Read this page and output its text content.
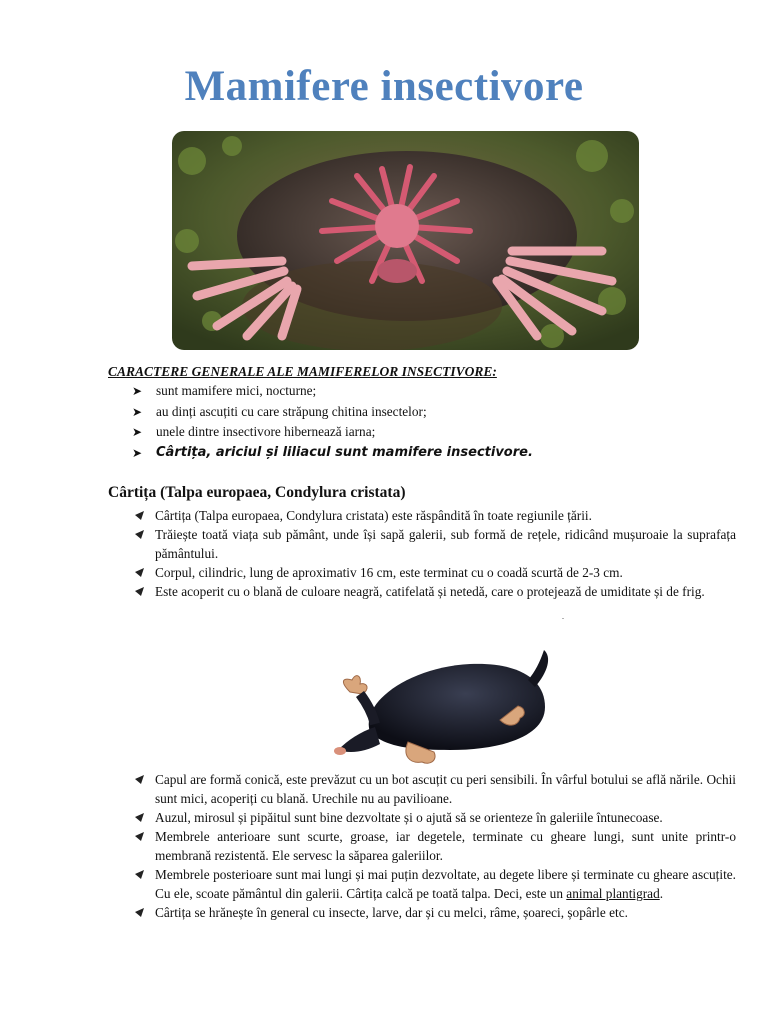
Mamifere insectivore
CARACTERE GENERALE ALE MAMIFERELOR INSECTIVORE:
➤ sunt mamifere mici, nocturne;
➤ au dinți ascuțiti cu care străpung chitina insectelor;
➤ unele dintre insectivore hibernează iarna;
➤ Cârtița, ariciul și liliacul sunt mamifere insectivore.
Cârtița (Talpa europaea, Condylura cristata)
Cârtița (Talpa europaea, Condylura cristata) este răspândită în toate regiunile țării.
Trăiește toată viața sub pământ, unde își sapă galerii, sub formă de rețele, ridicând mușuroaie la suprafața pământului.
Corpul, cilindric, lung de aproximativ 16 cm, este terminat cu o coadă scurtă de 2-3 cm.
Este acoperit cu o blană de culoare neagră, catifelată și netedă, care o protejează de umiditate și de frig.
.
Capul are formă conică, este prevăzut cu un bot ascuțit cu peri sensibili. În vârful botului se află nările. Ochii sunt mici, acoperiți cu blană. Urechile nu au pavilioane.
Auzul, mirosul și pipăitul sunt bine dezvoltate și o ajută să se orienteze în galeriile întunecoase.
Membrele anterioare sunt scurte, groase, iar degetele, terminate cu gheare lungi, sunt unite printr-o membrană rezistentă. Ele servesc la săparea galeriilor.
Membrele posterioare sunt mai lungi și mai puțin dezvoltate, au degete libere și terminate cu gheare ascuțite. Cu ele, scoate pământul din galerii. Cârtița calcă pe toată talpa. Deci, este un animal plantigrad.
Cârtița se hrănește în general cu insecte, larve, dar și cu melci, râme, șoareci, șopârle etc.
